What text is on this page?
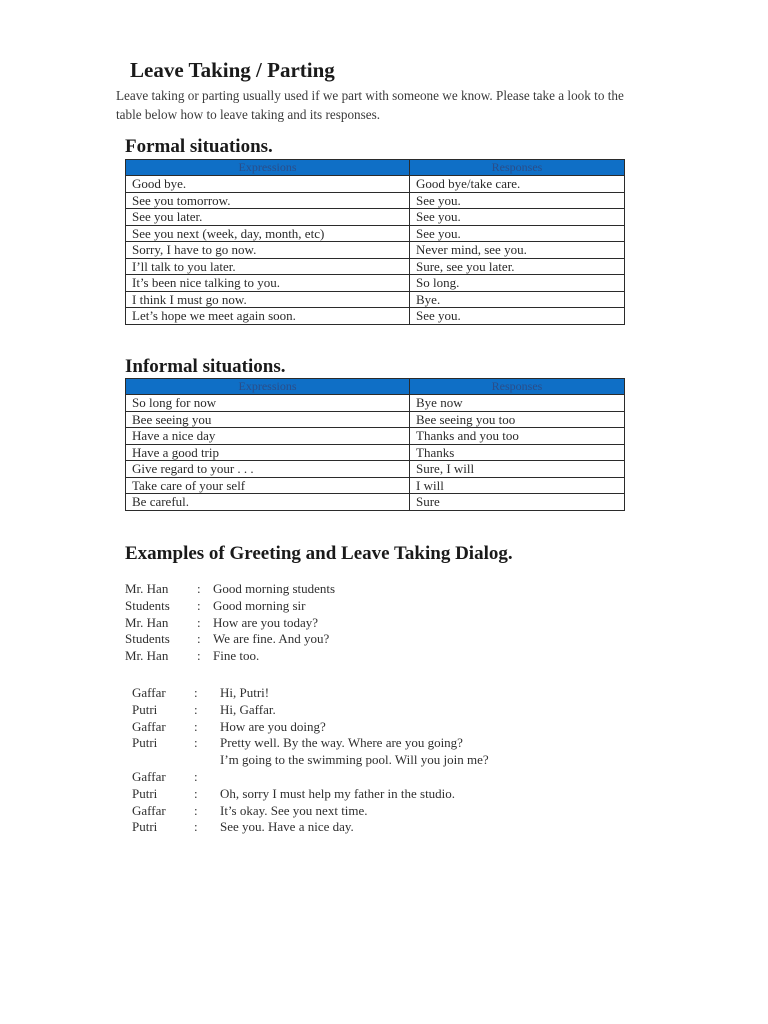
Leave Taking / Parting

Leave taking or parting usually used if we part with someone we know. Please take a look to the table below how to leave taking and its responses.

Formal situations.
Expressions	Responses
Good bye.	Good bye/take care.
See you tomorrow.	See you.
See you later.	See you.
See you next (week, day, month, etc)	See you.
Sorry, I have to go now.	Never mind, see you.
I’ll talk to you later.	Sure, see you later.
It’s been nice talking to you.	So long.
I think I must go now.	Bye.
Let’s hope we meet again soon.	See you.
Informal situations.
Expressions	Responses
So long for now	Bye now
Bee seeing you	Bee seeing you too
Have a nice day	Thanks and you too
Have a good trip	Thanks
Give regard to your . . .	Sure, I will
Take care of your self	I will
Be careful.	Sure
Examples of Greeting and Leave Taking Dialog.
Mr. Han	: Good morning students
Students	: Good morning sir
Mr. Han	: How are you today?
Students	: We are fine. And you?
Mr. Han	: Fine too.
Gaffar	:	Hi, Putri!
Putri	:	Hi, Gaffar.
Gaffar	:	How are you doing?
Putri	:	Pretty well. By the way. Where are you going?
Gaffar	:
I’m going to the swimming pool. Will you join me?
Putri	:	Oh, sorry I must help my father in the studio.
Gaffar	:	It’s okay. See you next time.
Putri	:	See you. Have a nice day.
